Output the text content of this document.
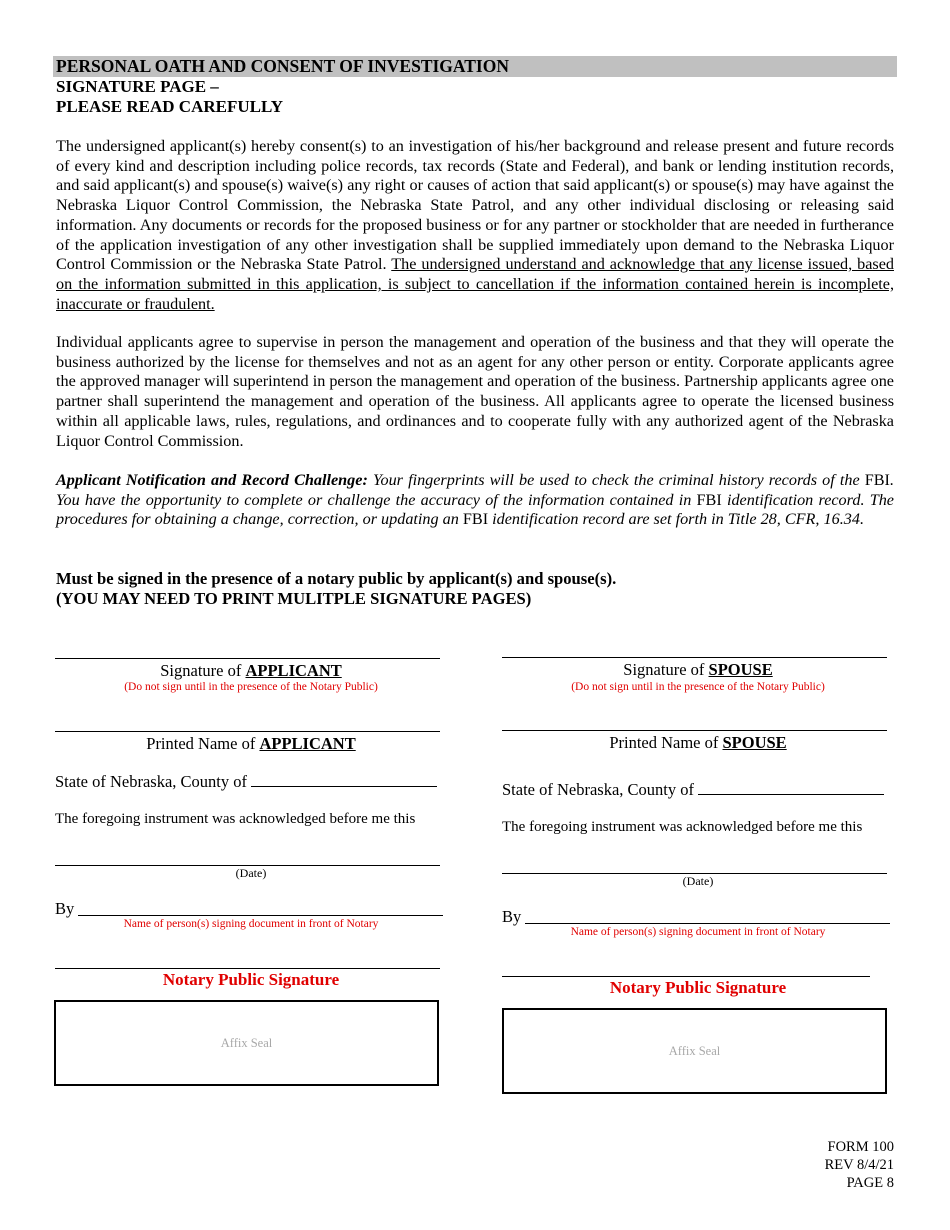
PERSONAL OATH AND CONSENT OF INVESTIGATION
SIGNATURE PAGE –
PLEASE READ CAREFULLY

The undersigned applicant(s) hereby consent(s) to an investigation of his/her background and release present and future records of every kind and description including police records, tax records (State and Federal), and bank or lending institution records, and said applicant(s) and spouse(s) waive(s) any right or causes of action that said applicant(s) or spouse(s) may have against the Nebraska Liquor Control Commission, the Nebraska State Patrol, and any other individual disclosing or releasing said information. Any documents or records for the proposed business or for any partner or stockholder that are needed in furtherance of the application investigation of any other investigation shall be supplied immediately upon demand to the Nebraska Liquor Control Commission or the Nebraska State Patrol. The undersigned understand and acknowledge that any license issued, based on the information submitted in this application, is subject to cancellation if the information contained herein is incomplete, inaccurate or fraudulent.

Individual applicants agree to supervise in person the management and operation of the business and that they will operate the business authorized by the license for themselves and not as an agent for any other person or entity. Corporate applicants agree the approved manager will superintend in person the management and operation of the business. Partnership applicants agree one partner shall superintend the management and operation of the business. All applicants agree to operate the licensed business within all applicable laws, rules, regulations, and ordinances and to cooperate fully with any authorized agent of the Nebraska Liquor Control Commission.

Applicant Notification and Record Challenge: Your fingerprints will be used to check the criminal history records of the FBI. You have the opportunity to complete or challenge the accuracy of the information contained in FBI identification record. The procedures for obtaining a change, correction, or updating an FBI identification record are set forth in Title 28, CFR, 16.34.

Must be signed in the presence of a notary public by applicant(s) and spouse(s).
(YOU MAY NEED TO PRINT MULITPLE SIGNATURE PAGES)
Signature of APPLICANT
(Do not sign until in the presence of the Notary Public)
Printed Name of APPLICANT
State of Nebraska, County of
The foregoing instrument was acknowledged before me this
(Date)
By
Name of person(s) signing document in front of Notary
Notary Public Signature
Affix Seal
Signature of SPOUSE
(Do not sign until in the presence of the Notary Public)
Printed Name of SPOUSE
State of Nebraska, County of
The foregoing instrument was acknowledged before me this
(Date)
By
Name of person(s) signing document in front of Notary
Notary Public Signature
Affix Seal
FORM 100
REV 8/4/21
PAGE 8
